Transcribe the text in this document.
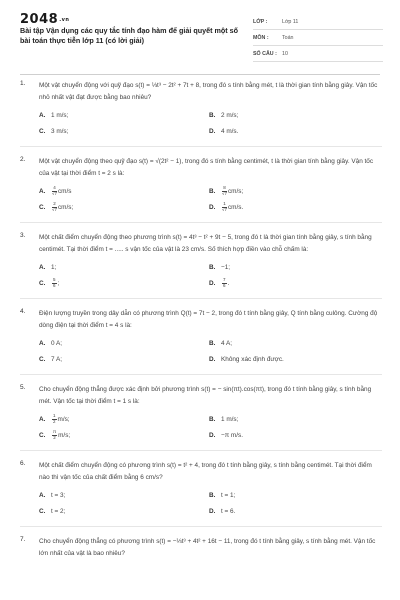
2048.vn
Bài tập Vận dụng các quy tắc tính đạo hàm để giải quyết một số bài toán thực tiễn lớp 11 (có lời giải)
LỚP :	Lớp 11
MÔN :	Toán
SỐ CÂU : 10
1. Một vật chuyển động với quỹ đạo s(t) = ⅓t³ − 2t² + 7t + 8, trong đó s tính bằng mét, t là thời gian tính bằng giây. Vận tốc nhỏ nhất vật đạt được bằng bao nhiêu?
A. 1 m/s;	B. 2 m/s;
C. 3 m/s;	D. 4 m/s.
2. Một vật chuyển động theo quỹ đạo s(t) = √(2t² − 1), trong đó s tính bằng centimét, t là thời gian tính bằng giây. Vận tốc của vật tại thời điểm t = 2 s là:
A.	$\frac{4}{√7} cm/s$	B.	$\frac{8}{√7} cm/s$;
C.	$\frac{2}{√7} cm/s$;	D.	$\frac{1}{√7} cm/s$.
3. Một chất điểm chuyển động theo phương trình s(t) = 4t³ − t² + 9t − 5, trong đó t là thời gian tính bằng giây, s tính bằng centimét. Tại thời điểm t = ..... s vận tốc của vật là 23 cm/s. Số thích hợp điền vào chỗ chấm là:
A. 1;	B. −1;
C.	$\frac{5}{6}$ ;	D.	$\frac{7}{6}$ .
4. Điện lượng truyền trong dây dẫn có phương trình Q(t) = 7t − 2, trong đó t tính bằng giây, Q tính bằng culông. Cường độ dòng điện tại thời điểm t = 4 s là:
A. 0 A;	B. 4 A;
C. 7 A;	D. Không xác định được.
5. Cho chuyển động thẳng được xác định bởi phương trình s(t) = − sin(πt).cos(πt), trong đó t tính bằng giây, s tính bằng mét. Vận tốc tại thời điểm t = 1 s là:
A.	$\frac{1}{2} m/s$;	B. 1 m/s;
C.	$\frac{\pi}{2} m/s$;	D. −π m/s.
6. Một chất điểm chuyển động có phương trình s(t) = t² + 4, trong đó t tính bằng giây, s tính bằng centimét. Tại thời điểm nào thì vận tốc của chất điểm bằng 6 cm/s?
A. t = 3;	B. t = 1;
C. t = 2;	D. t = 6.
7. Cho chuyển động thẳng có phương trình s(t) = −⅓t³ + 4t² + 16t − 11, trong đó t tính bằng giây, s tính bằng mét. Vận tốc lớn nhất của vật là bao nhiêu?
